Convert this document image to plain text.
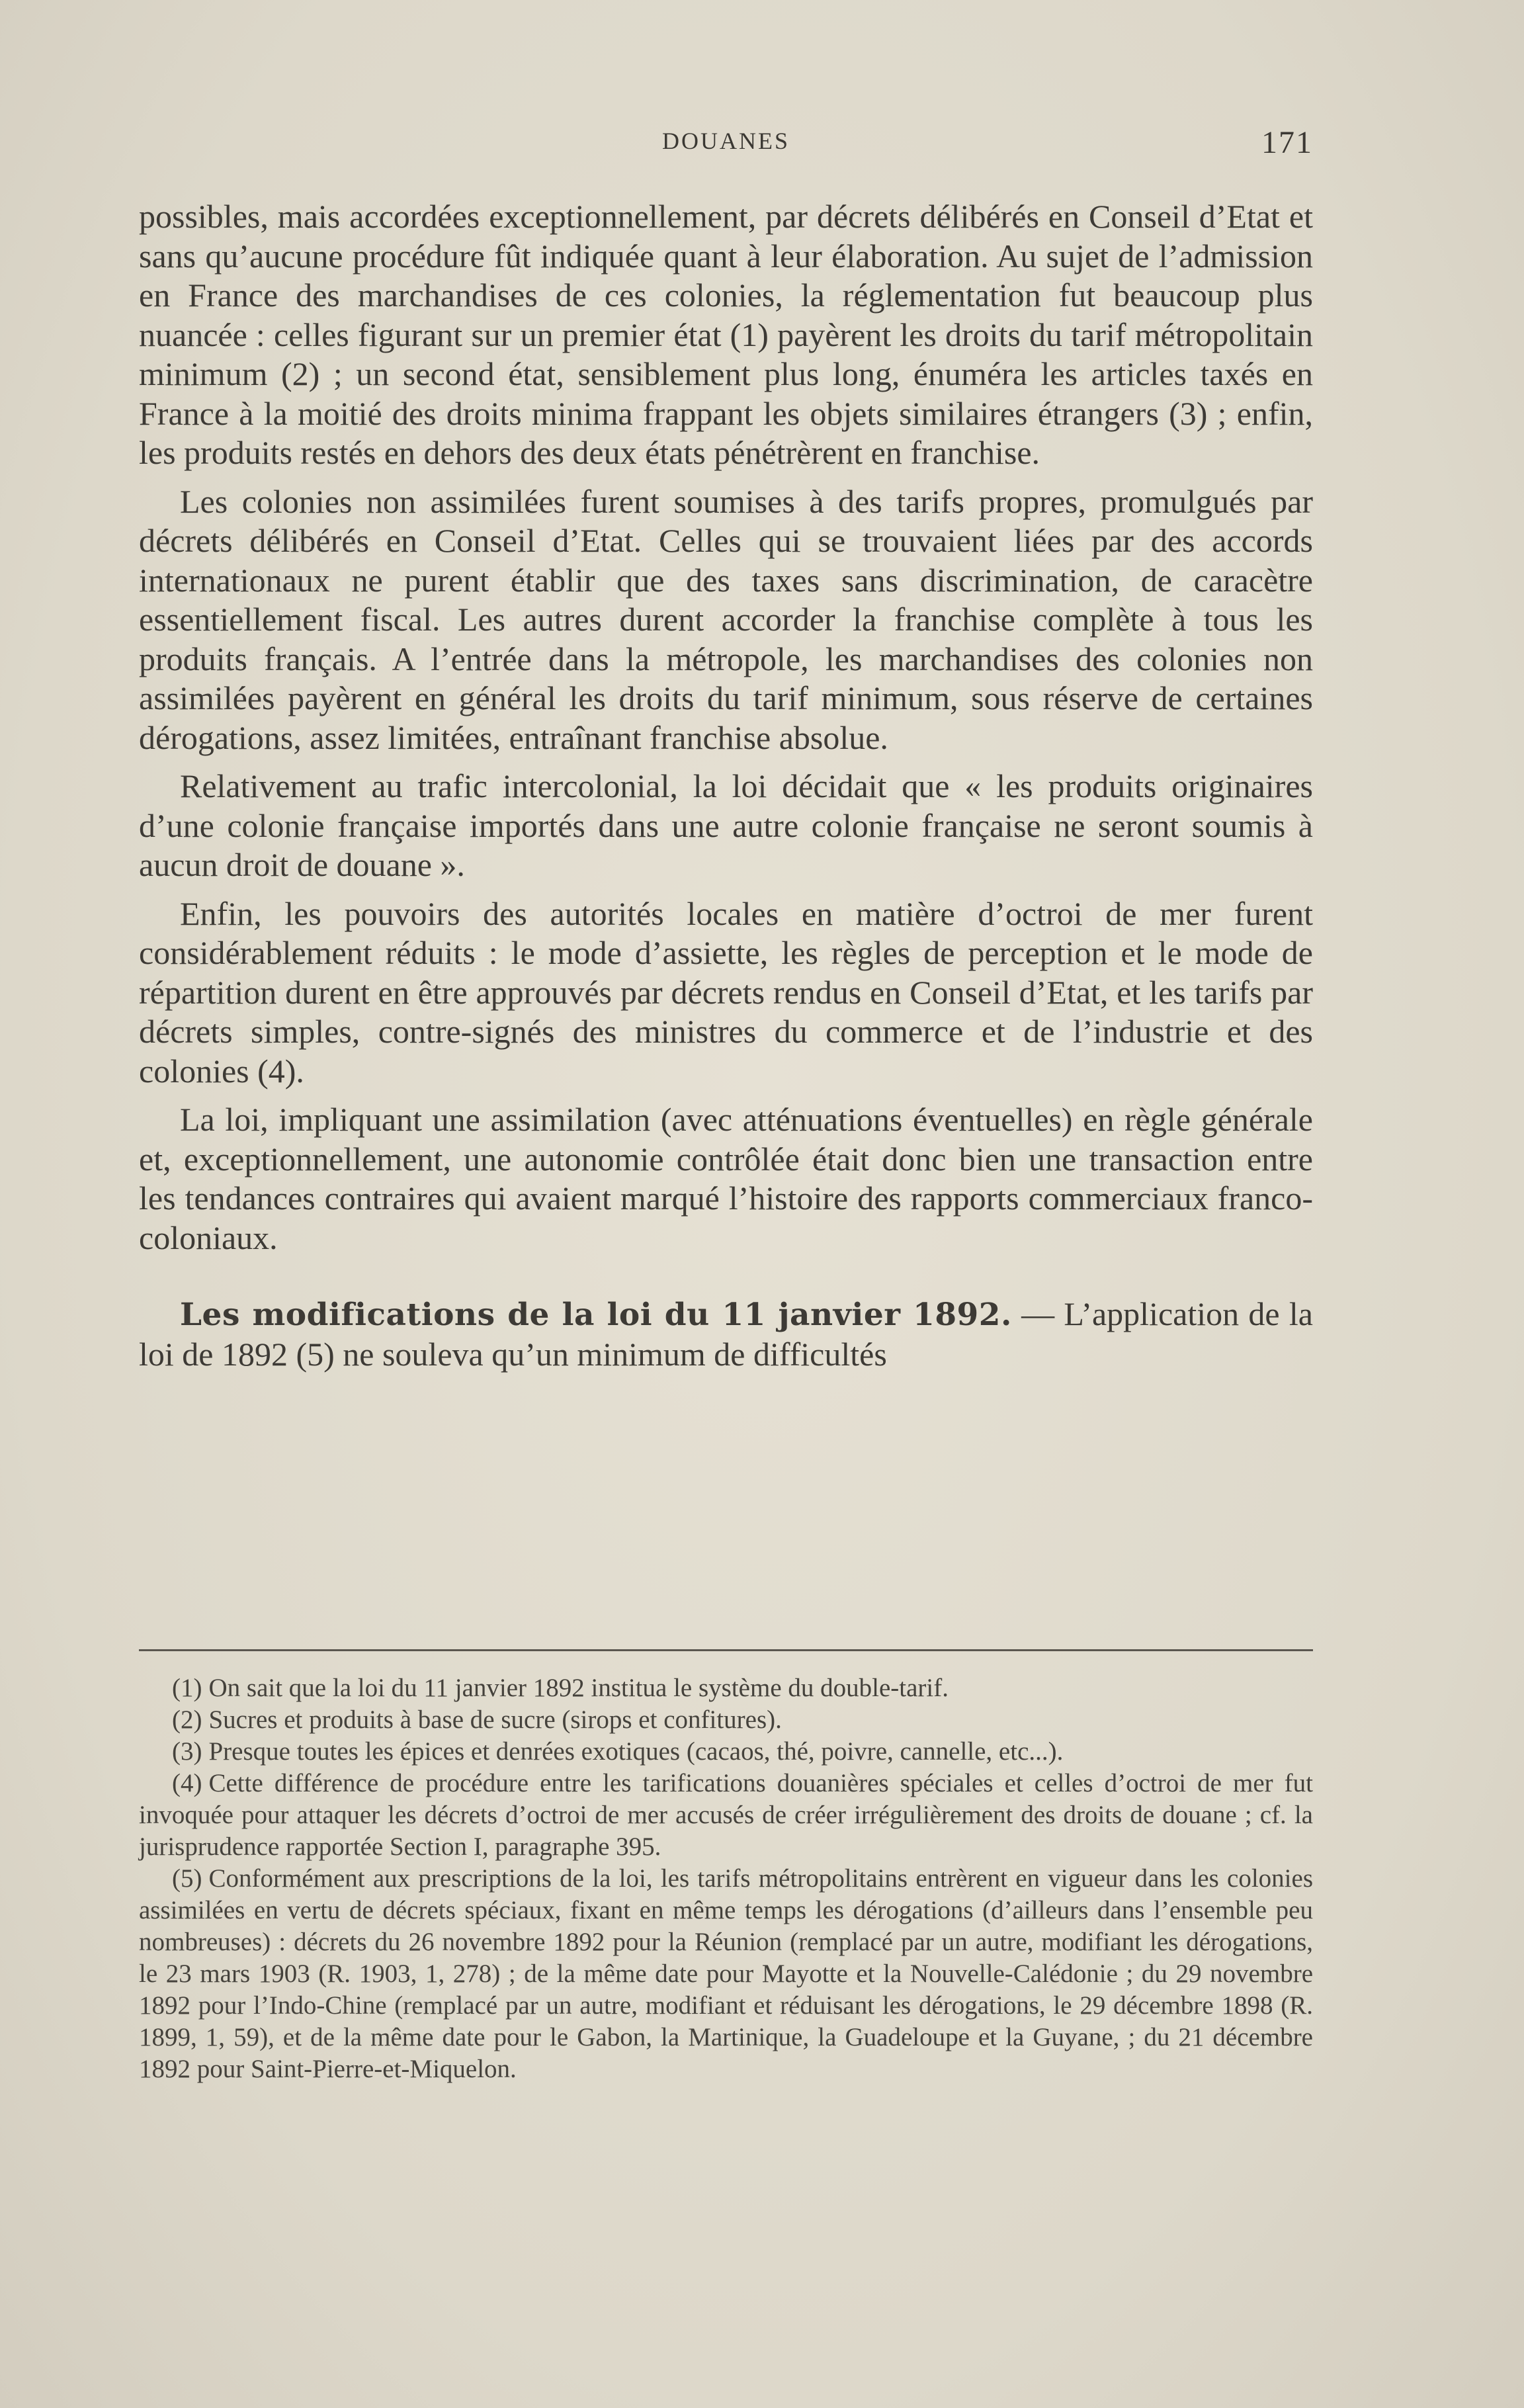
DOUANES	171

possibles, mais accordées exceptionnellement, par décrets délibérés en Conseil d’Etat et sans qu’aucune procédure fût indiquée quant à leur élaboration. Au sujet de l’admission en France des marchandises de ces colonies, la réglementation fut beaucoup plus nuancée : celles figurant sur un premier état (1) payèrent les droits du tarif métropolitain minimum (2) ; un second état, sensiblement plus long, énuméra les articles taxés en France à la moitié des droits minima frappant les objets similaires étrangers (3) ; enfin, les produits restés en dehors des deux états pénétrèrent en franchise.

Les colonies non assimilées furent soumises à des tarifs propres, promulgués par décrets délibérés en Conseil d’Etat. Celles qui se trouvaient liées par des accords internationaux ne purent établir que des taxes sans discrimination, de caracètre essentiellement fiscal. Les autres durent accorder la franchise complète à tous les produits français. A l’entrée dans la métropole, les marchandises des colonies non assimilées payèrent en général les droits du tarif minimum, sous réserve de certaines dérogations, assez limitées, entraînant franchise absolue.

Relativement au trafic intercolonial, la loi décidait que « les produits originaires d’une colonie française importés dans une autre colonie française ne seront soumis à aucun droit de douane ».

Enfin, les pouvoirs des autorités locales en matière d’octroi de mer furent considérablement réduits : le mode d’assiette, les règles de perception et le mode de répartition durent en être approuvés par décrets rendus en Conseil d’Etat, et les tarifs par décrets simples, contre-signés des ministres du commerce et de l’industrie et des colonies (4).

La loi, impliquant une assimilation (avec atténuations éventuelles) en règle générale et, exceptionnellement, une autonomie contrôlée était donc bien une transaction entre les tendances contraires qui avaient marqué l’histoire des rapports commerciaux franco-coloniaux.

Les modifications de la loi du 11 janvier 1892. — L’application de la loi de 1892 (5) ne souleva qu’un minimum de difficultés

(1) On sait que la loi du 11 janvier 1892 institua le système du double-tarif.

(2) Sucres et produits à base de sucre (sirops et confitures).

(3) Presque toutes les épices et denrées exotiques (cacaos, thé, poivre, cannelle, etc...).

(4) Cette différence de procédure entre les tarifications douanières spéciales et celles d’octroi de mer fut invoquée pour attaquer les décrets d’octroi de mer accusés de créer irrégulièrement des droits de douane ; cf. la jurisprudence rapportée Section I, paragraphe 395.

(5) Conformément aux prescriptions de la loi, les tarifs métropolitains entrèrent en vigueur dans les colonies assimilées en vertu de décrets spéciaux, fixant en même temps les dérogations (d’ailleurs dans l’ensemble peu nombreuses) : décrets du 26 novembre 1892 pour la Réunion (remplacé par un autre, modifiant les dérogations, le 23 mars 1903 (R. 1903, 1, 278) ; de la même date pour Mayotte et la Nouvelle-Calédonie ; du 29 novembre 1892 pour l’Indo-Chine (remplacé par un autre, modifiant et réduisant les dérogations, le 29 décembre 1898 (R. 1899, 1, 59), et de la même date pour le Gabon, la Martinique, la Guadeloupe et la Guyane, ; du 21 décembre 1892 pour Saint-Pierre-et-Miquelon.
